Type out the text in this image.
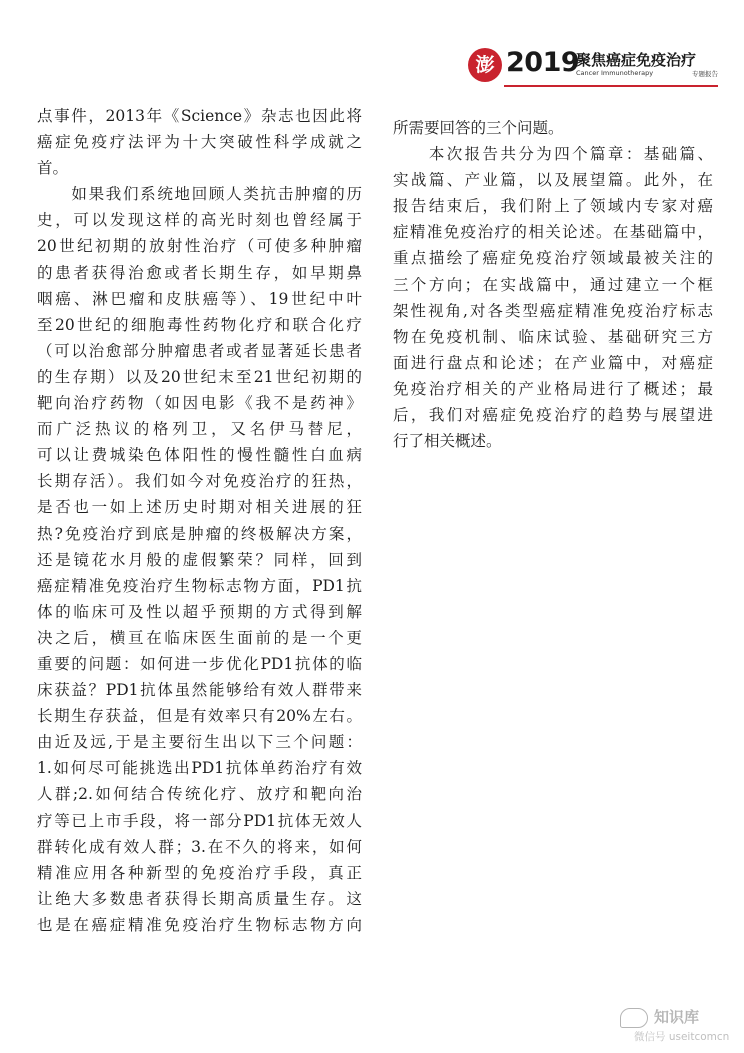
澎 2019
聚焦癌症免疫治疗
Cancer Immunotherapy	专题报告

点事件，2013年《Science》杂志也因此将

癌症免疫疗法评为十大突破性科学成就之

首。

　　如果我们系统地回顾人类抗击肿瘤的历

史，可以发现这样的高光时刻也曾经属于

20世纪初期的放射性治疗（可使多种肿瘤

的患者获得治愈或者长期生存，如早期鼻

咽癌、淋巴瘤和皮肤癌等）、19世纪中叶

至20世纪的细胞毒性药物化疗和联合化疗

（可以治愈部分肿瘤患者或者显著延长患者

的生存期）以及20世纪末至21世纪初期的

靶向治疗药物（如因电影《我不是药神》

而广泛热议的格列卫，又名伊马替尼，

可以让费城染色体阳性的慢性髓性白血病

长期存活）。我们如今对免疫治疗的狂热，

是否也一如上述历史时期对相关进展的狂

热?免疫治疗到底是肿瘤的终极解决方案，

还是镜花水月般的虚假繁荣？同样，回到

癌症精准免疫治疗生物标志物方面，PD1抗

体的临床可及性以超乎预期的方式得到解

决之后，横亘在临床医生面前的是一个更

重要的问题：如何进一步优化PD1抗体的临

床获益？PD1抗体虽然能够给有效人群带来

长期生存获益，但是有效率只有20%左右。

由近及远,于是主要衍生出以下三个问题：

1.如何尽可能挑选出PD1抗体单药治疗有效

人群;2.如何结合传统化疗、放疗和靶向治

疗等已上市手段，将一部分PD1抗体无效人

群转化成有效人群；3.在不久的将来，如何

精准应用各种新型的免疫治疗手段，真正

让绝大多数患者获得长期高质量生存。这

也是在癌症精准免疫治疗生物标志物方向

所需要回答的三个问题。

　　本次报告共分为四个篇章：基础篇、

实战篇、产业篇，以及展望篇。此外，在

报告结束后，我们附上了领域内专家对癌

症精准免疫治疗的相关论述。在基础篇中，

重点描绘了癌症免疫治疗领域最被关注的

三个方向；在实战篇中，通过建立一个框

架性视角,对各类型癌症精准免疫治疗标志

物在免疫机制、临床试验、基础研究三方

面进行盘点和论述；在产业篇中，对癌症

免疫治疗相关的产业格局进行了概述；最

后，我们对癌症免疫治疗的趋势与展望进

行了相关概述。

知识库
微信号 useitcomcn
